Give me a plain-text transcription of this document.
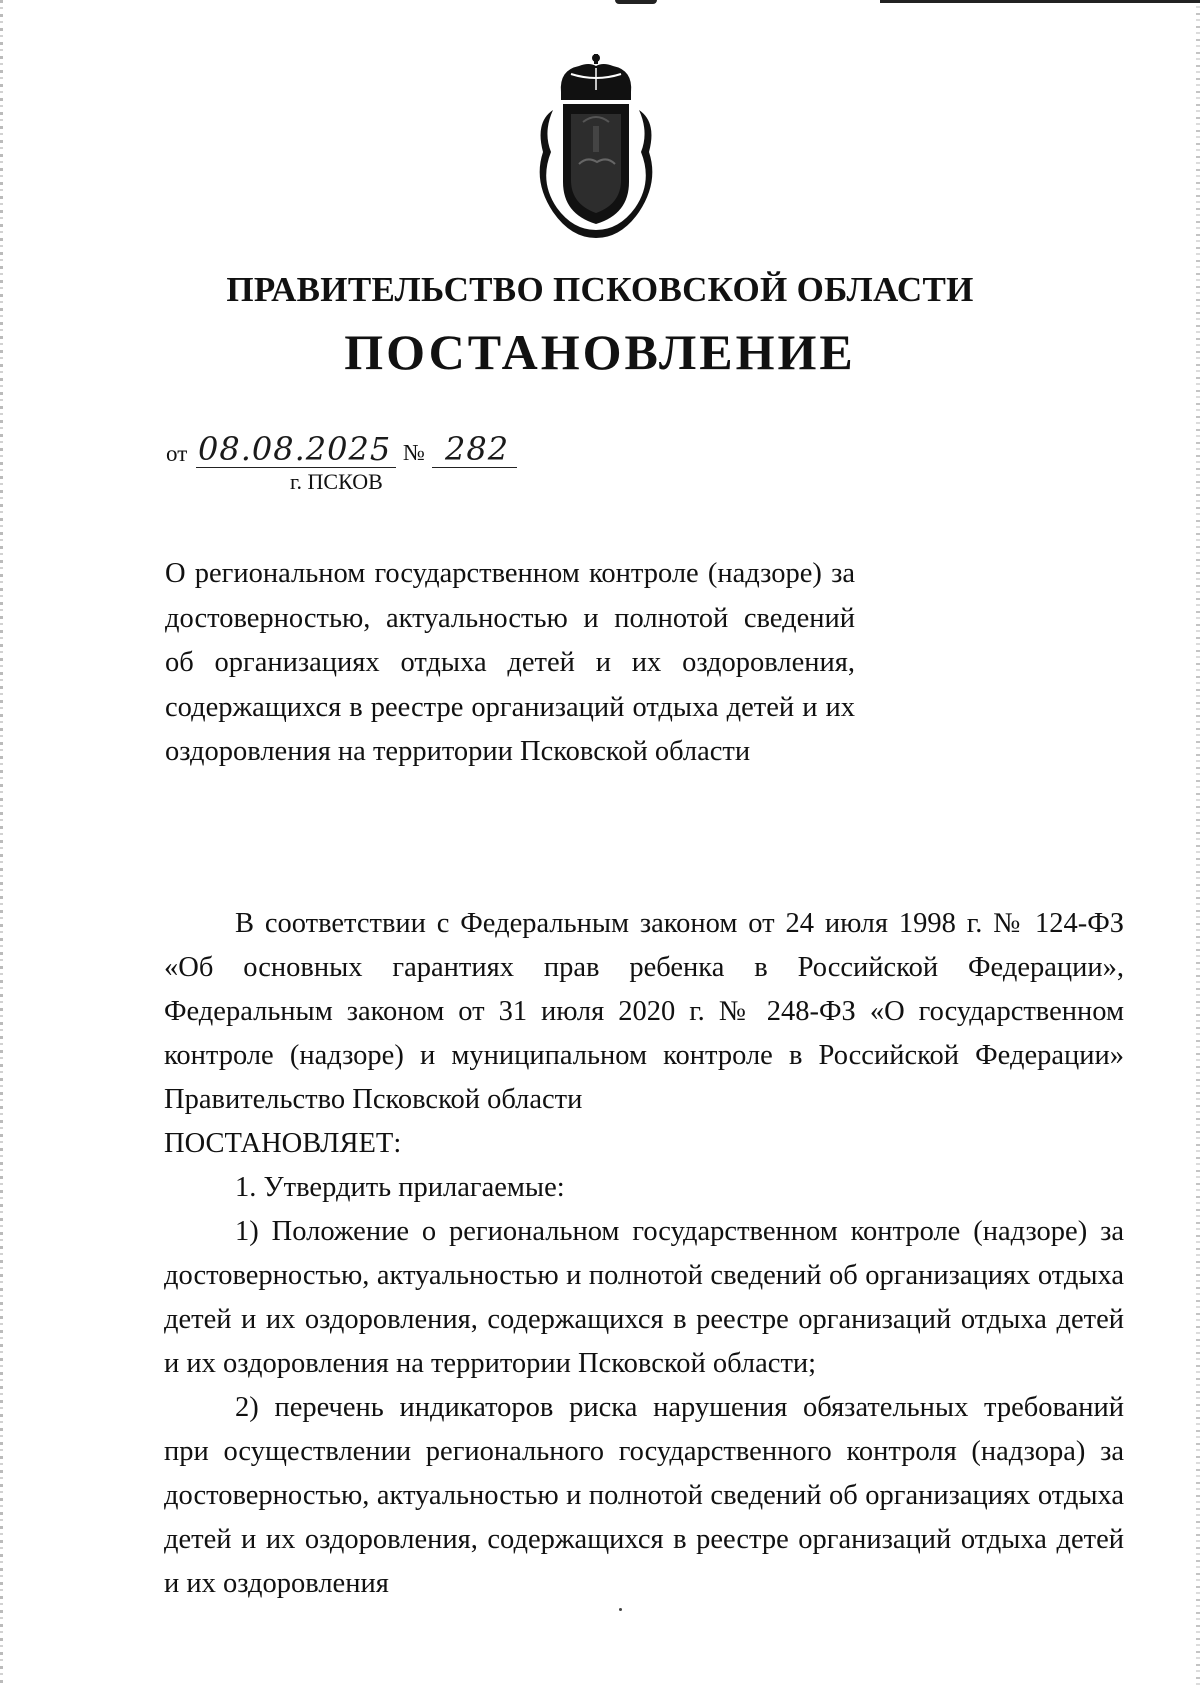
ПРАВИТЕЛЬСТВО ПСКОВСКОЙ ОБЛАСТИ
ПОСТАНОВЛЕНИЕ
от 08.08.2025 № 282
г. ПСКОВ
О региональном государственном контроле (надзоре) за достоверностью, актуальностью и полнотой сведений об организациях отдыха детей и их оздоровления, содержащихся в реестре организаций отдыха детей и их оздоровления на территории Псковской области

В соответствии с Федеральным законом от 24 июля 1998 г. № 124-ФЗ «Об основных гарантиях прав ребенка в Российской Федерации», Федеральным законом от 31 июля 2020 г. № 248-ФЗ «О государственном контроле (надзоре) и муниципальном контроле в Российской Федерации» Правительство Псковской области

ПОСТАНОВЛЯЕТ:

1. Утвердить прилагаемые:

1) Положение о региональном государственном контроле (надзоре) за достоверностью, актуальностью и полнотой сведений об организациях отдыха детей и их оздоровления, содержащихся в реестре организаций отдыха детей и их оздоровления на территории Псковской области;

2) перечень индикаторов риска нарушения обязательных требований при осуществлении регионального государственного контроля (надзора) за достоверностью, актуальностью и полнотой сведений об организациях отдыха детей и их оздоровления, содержащихся в реестре организаций отдыха детей и их оздоровления
